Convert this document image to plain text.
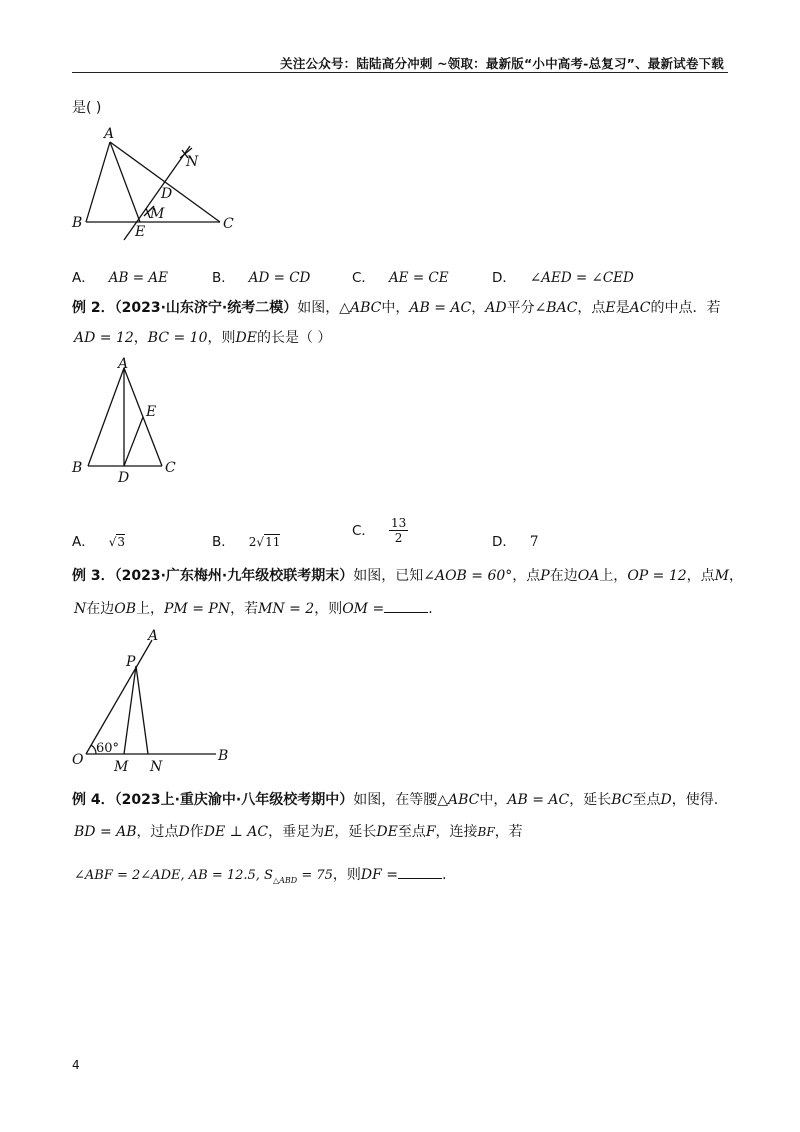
关注公众号：陆陆高分冲刺 ~领取：最新版“小中高考-总复习”、最新试卷下载
是( )
A
B	C
D
E
M
N
A． AB = AE	B． AD = CD	C． AE = CE	D． ∠AED = ∠CED
例 2．（2023·山东济宁·统考二模）如图，△ABC中，AB = AC，AD平分∠BAC，点E是AC的中点．若
AD = 12，BC = 10，则DE的长是（ ）
A
B	C
D
E
A． √3	B． 2√11
C． $\frac{13}{2}$	D． 7
例 3．（2023·广东梅州·九年级校联考期末）如图，已知∠AOB = 60°，点P在边OA上，OP = 12，点M，
N在边OB上，PM = PN，若MN = 2，则OM =	.
A
P
O	B
M N
60°
例 4．（2023上·重庆渝中·八年级校考期中）如图，在等腰△ABC中，AB = AC，延长BC至点D，使得.
BD = AB，过点D作DE ⊥ AC，垂足为E，延长DE至点F，连接BF，若
∠ABF = 2∠ADE, AB = 12.5, $S_{\triangle ABD} = 75$，则DF =	.
4
